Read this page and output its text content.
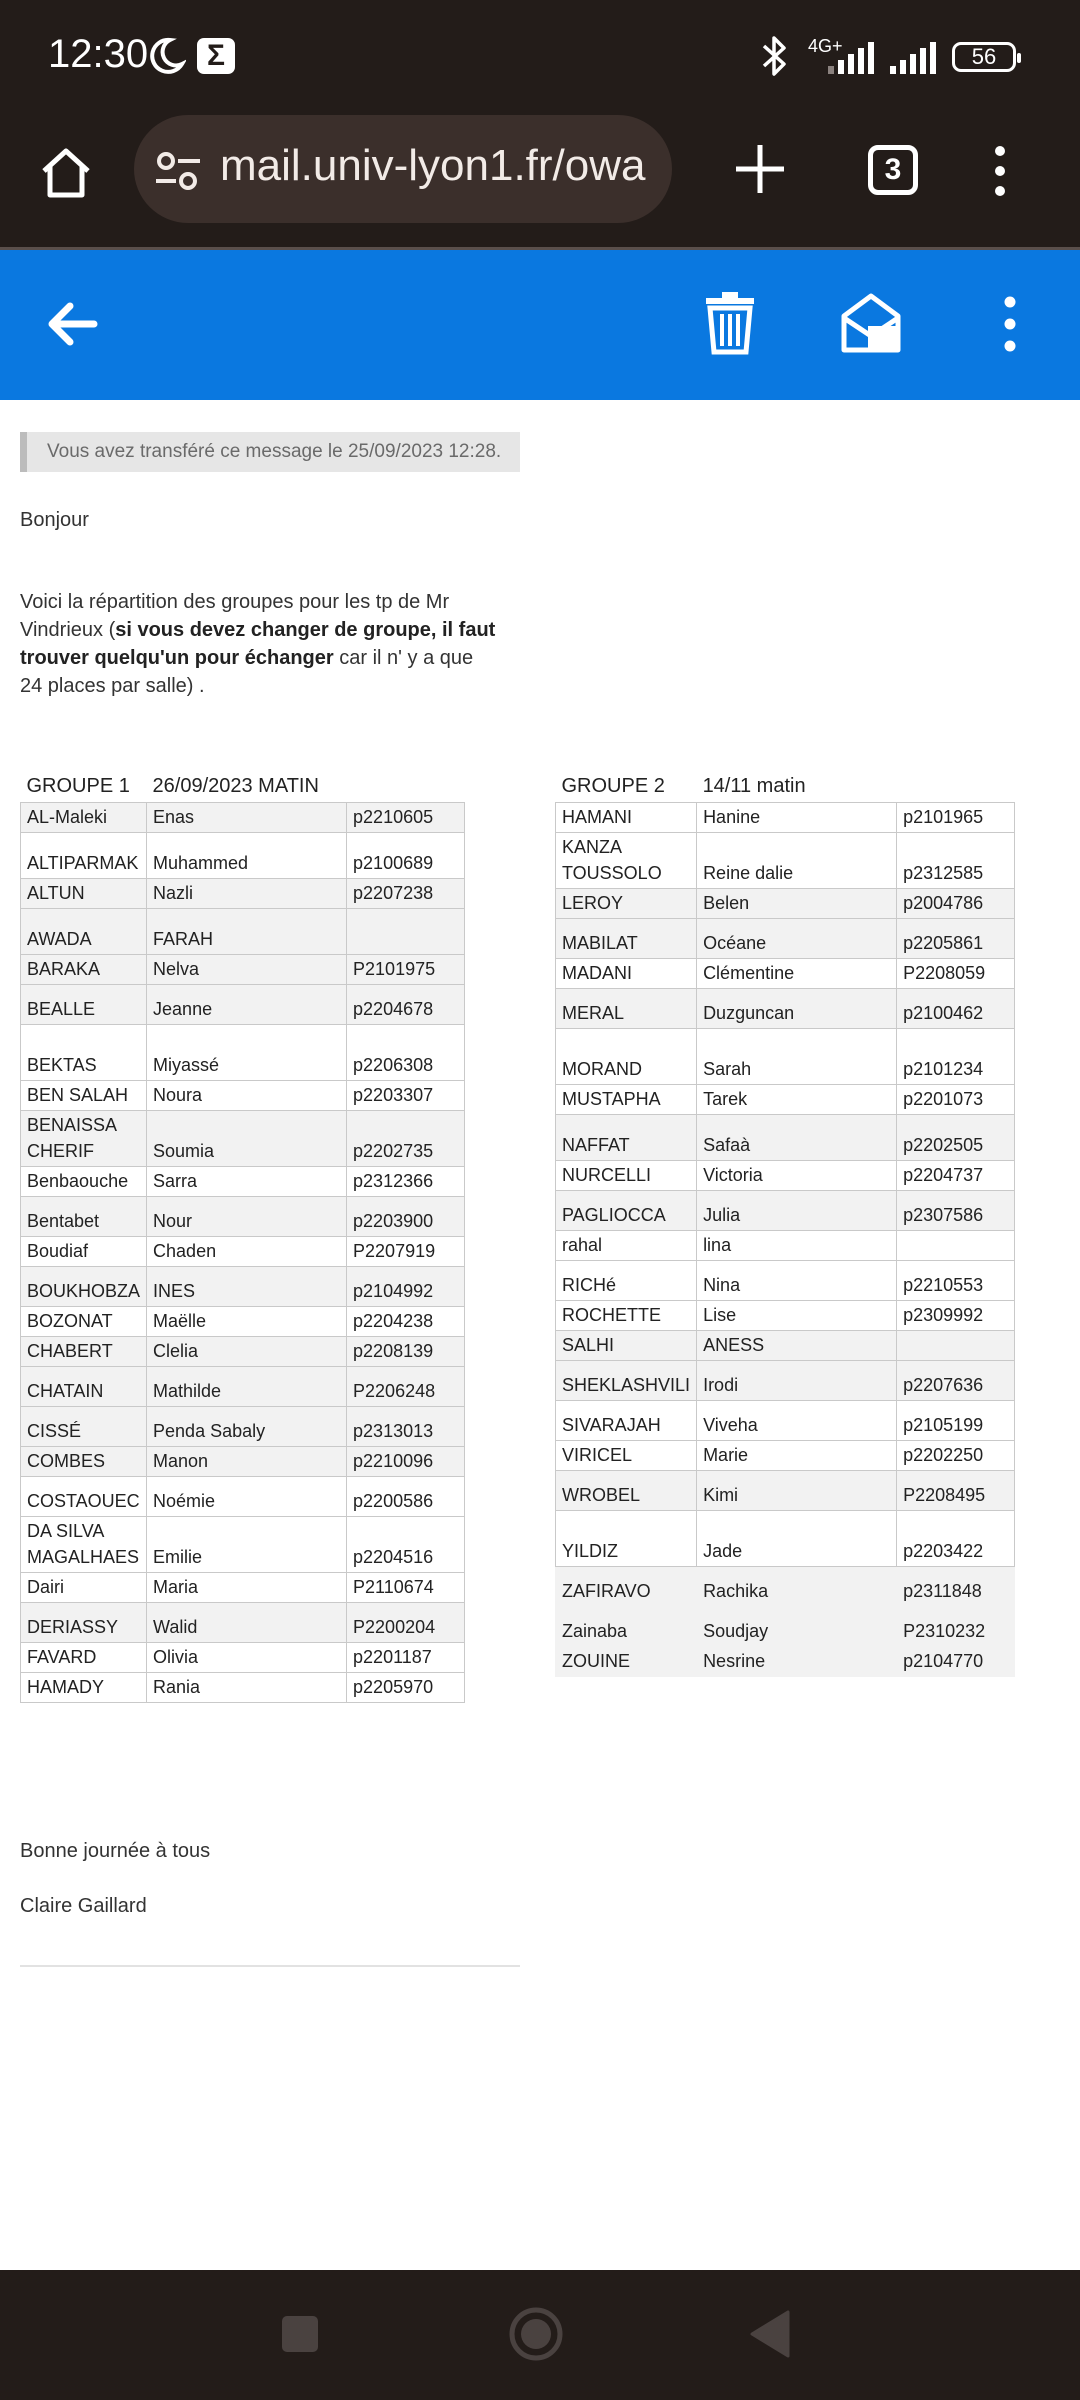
12:30	Σ	4G+	56
mail.univ-lyon1.fr/owa	3
Vous avez transféré ce message le 25/09/2023 12:28.
Bonjour
Voici la répartition des groupes pour les tp de Mr Vindrieux (si vous devez changer de groupe, il faut trouver quelqu'un pour échanger car il n' y a que 24 places par salle) .
GROUPE 1	26/09/2023 MATIN	
AL-Maleki	Enas	p2210605
ALTIPARMAK	Muhammed	p2100689
ALTUN	Nazli	p2207238
AWADA	FARAH	
BARAKA	Nelva	P2101975
BEALLE	Jeanne	p2204678
BEKTAS	Miyassé	p2206308
BEN SALAH	Noura	p2203307
BENAISSA
CHERIF	Soumia	p2202735
Benbaouche	Sarra	p2312366
Bentabet	Nour	p2203900
Boudiaf	Chaden	P2207919
BOUKHOBZA	INES	p2104992
BOZONAT	Maëlle	p2204238
CHABERT	Clelia	p2208139
CHATAIN	Mathilde	P2206248
CISSÉ	Penda Sabaly	p2313013
COMBES	Manon	p2210096
COSTAOUEC	Noémie	p2200586
DA SILVA
MAGALHAES	Emilie	p2204516
Dairi	Maria	P2110674
DERIASSY	Walid	P2200204
FAVARD	Olivia	p2201187
HAMADY	Rania	p2205970
GROUPE 2	14/11 matin	
HAMANI	Hanine	p2101965
KANZA
TOUSSOLO	Reine dalie	p2312585
LEROY	Belen	p2004786
MABILAT	Océane	p2205861
MADANI	Clémentine	P2208059
MERAL	Duzguncan	p2100462
MORAND	Sarah	p2101234
MUSTAPHA	Tarek	p2201073
NAFFAT	Safaà	p2202505
NURCELLI	Victoria	p2204737
PAGLIOCCA	Julia	p2307586
rahal	lina	
RICHé	Nina	p2210553
ROCHETTE	Lise	p2309992
SALHI	ANESS	
SHEKLASHVILI	Irodi	p2207636
SIVARAJAH	Viveha	p2105199
VIRICEL	Marie	p2202250
WROBEL	Kimi	P2208495
YILDIZ	Jade	p2203422
ZAFIRAVO	Rachika	p2311848
Zainaba	Soudjay	P2310232
ZOUINE	Nesrine	p2104770
Bonne journée à tous
Claire Gaillard
